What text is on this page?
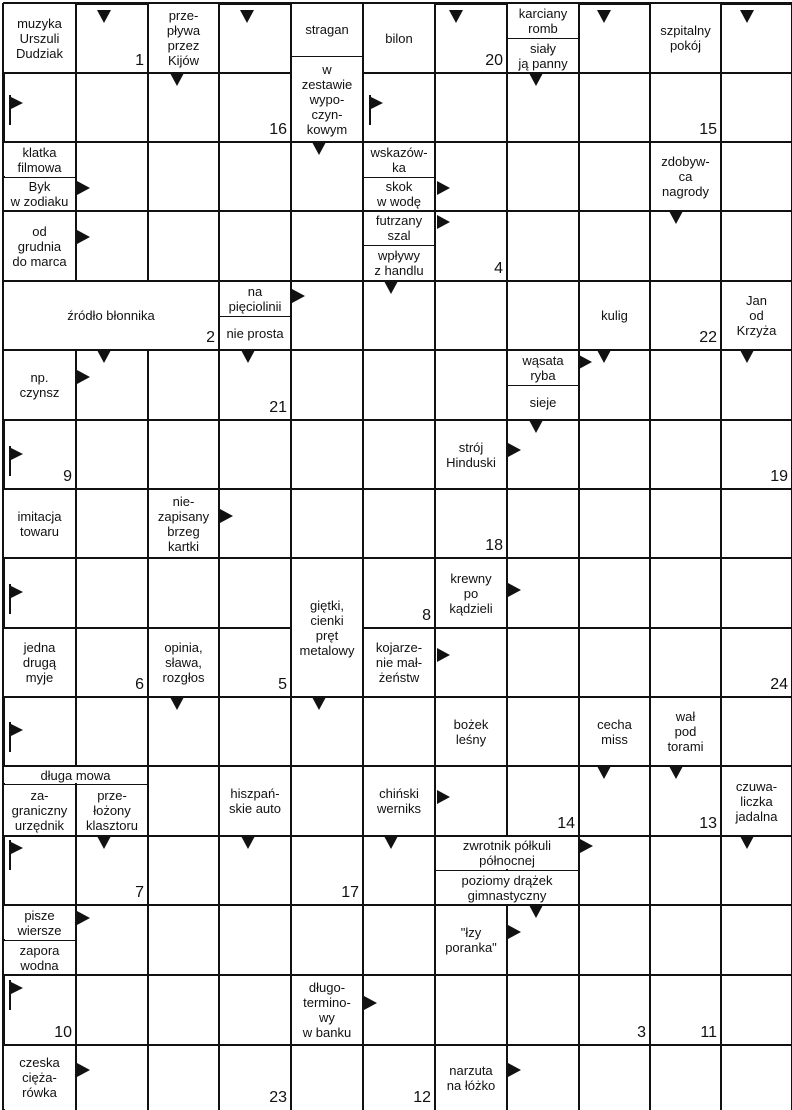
muzyka
Urszuli
Dudziak
prze-
pływa
przez
Kijów
stragan
w
zestawie
wypo-
czyn-
kowym
bilon
karciany
romb
siały
ją panny
szpitalny
pokój
klatka
filmowa
Byk
w zodiaku
wskazów-
ka
skok
w wodę
zdobyw-
ca
nagrody
od
grudnia
do marca
futrzany
szal
wpływy
z handlu
źródło błonnika
na
pięciolinii
nie prosta
kulig
Jan
od
Krzyża
np.
czynsz
wąsata
ryba
sieje
strój
Hinduski
imitacja
towaru
nie-
zapisany
brzeg
kartki
krewny
po
kądzieli
giętki,
cienki
pręt
metalowy
jedna
drugą
myje
opinia,
sława,
rozgłos
kojarze-
nie mał-
żeństw
bożek
leśny
cecha
miss
wał
pod
torami
długa mowa
za-
graniczny
urzędnik
prze-
łożony
klasztoru
hiszpań-
skie auto
chiński
werniks
czuwa-
liczka
jadalna
zwrotnik półkuli
północnej
poziomy drążek
gimnastyczny
pisze
wiersze
zapora
wodna
"łzy
poranka"
długo-
termino-
wy
w banku
czeska
ciężа-
rówka
narzuta
na łóżko
1	20
16	15
4
2	22
21
9	19
18
8
6	5	24
14	13
7	17
10	3	11
23	12
